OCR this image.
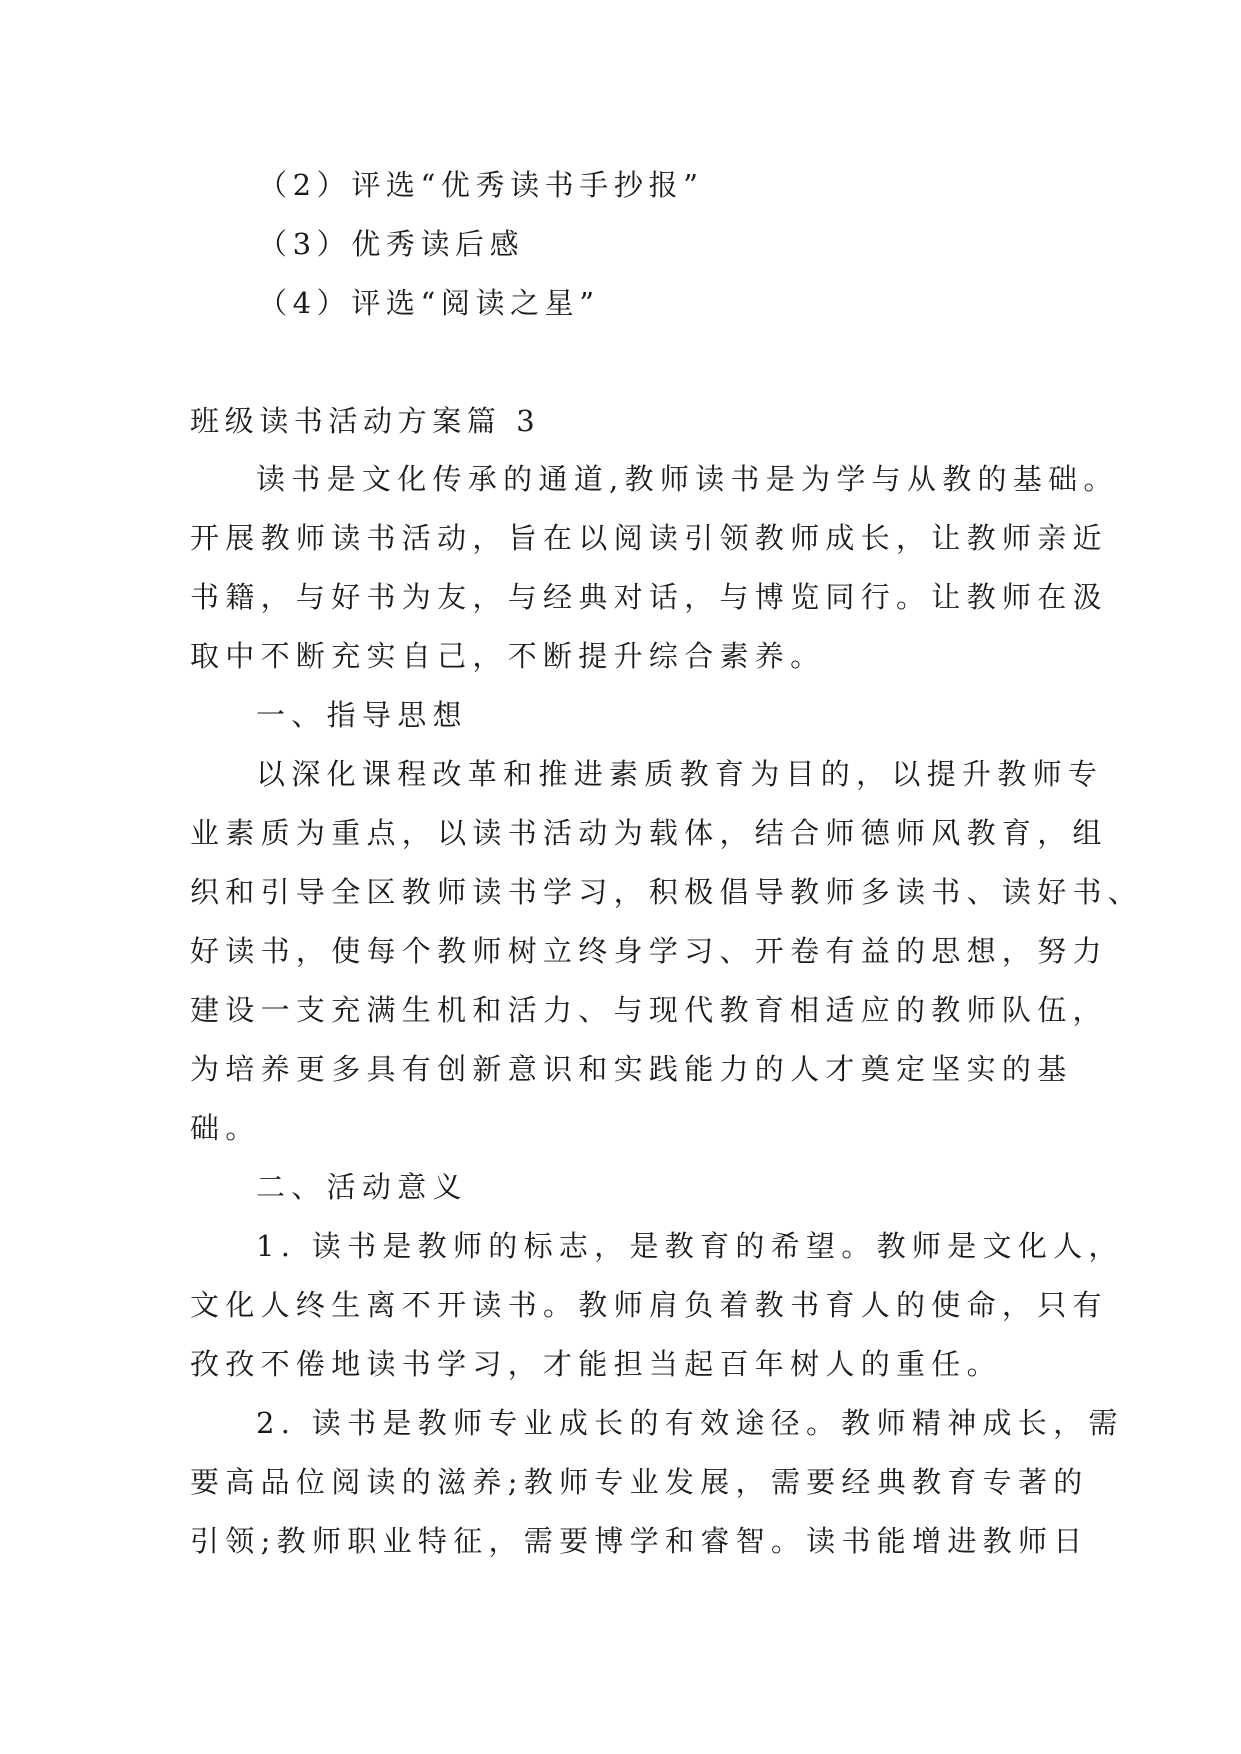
（2）评选“优秀读书手抄报”
（3）优秀读后感
（4）评选“阅读之星”
班级读书活动方案篇 3
读书是文化传承的通道,教师读书是为学与从教的基础。
开展教师读书活动，旨在以阅读引领教师成长，让教师亲近
书籍，与好书为友，与经典对话，与博览同行。让教师在汲
取中不断充实自己，不断提升综合素养。
一、指导思想
以深化课程改革和推进素质教育为目的，以提升教师专
业素质为重点，以读书活动为载体，结合师德师风教育，组
织和引导全区教师读书学习，积极倡导教师多读书、读好书、
好读书，使每个教师树立终身学习、开卷有益的思想，努力
建设一支充满生机和活力、与现代教育相适应的教师队伍，
为培养更多具有创新意识和实践能力的人才奠定坚实的基
础。
二、活动意义
1. 读书是教师的标志，是教育的希望。教师是文化人，
文化人终生离不开读书。教师肩负着教书育人的使命，只有
孜孜不倦地读书学习，才能担当起百年树人的重任。
2. 读书是教师专业成长的有效途径。教师精神成长，需
要高品位阅读的滋养;教师专业发展，需要经典教育专著的
引领;教师职业特征，需要博学和睿智。读书能增进教师日
